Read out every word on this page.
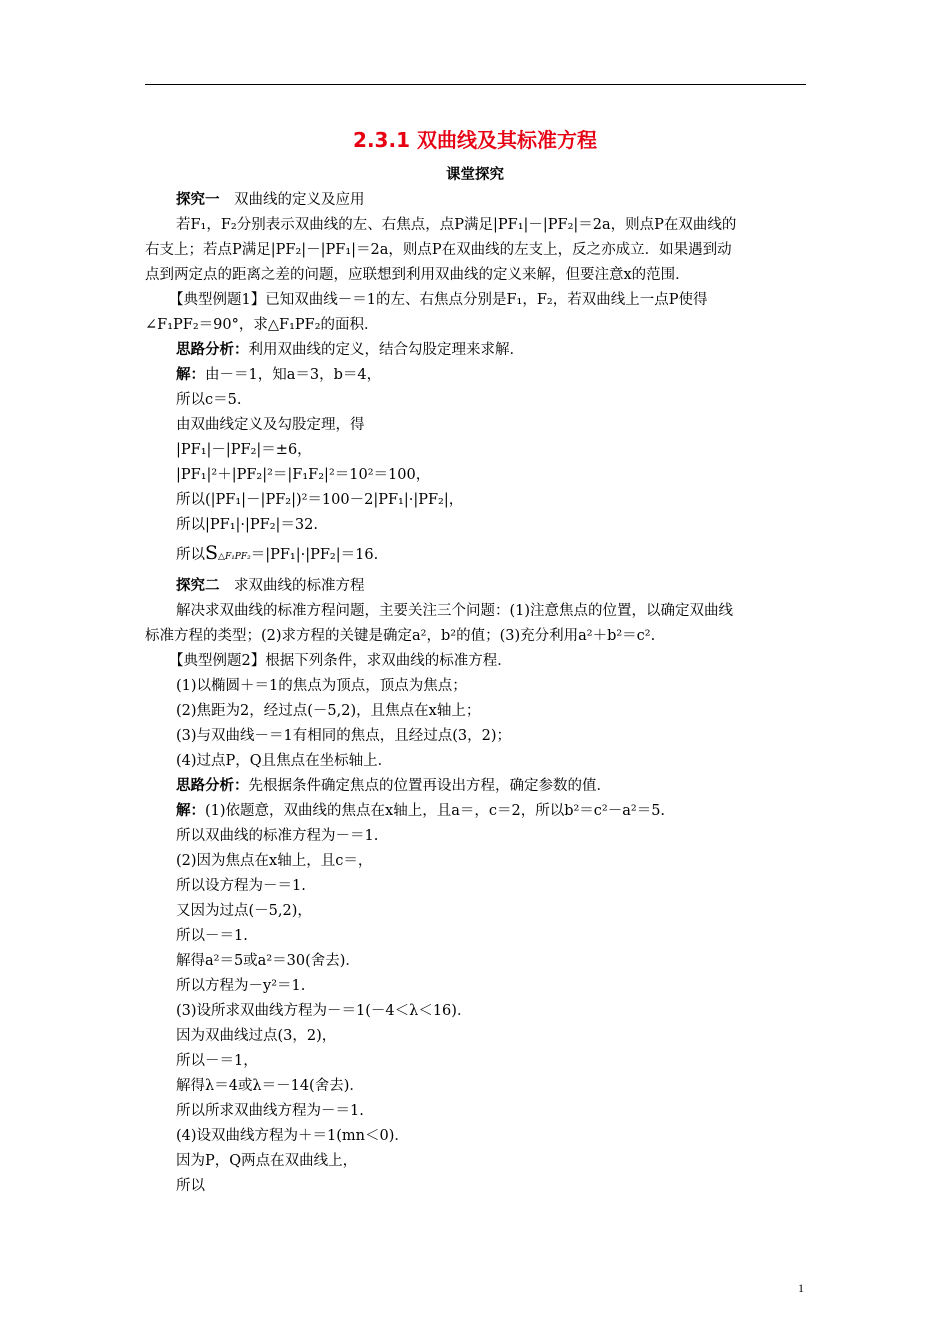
2.3.1 双曲线及其标准方程
课堂探究
探究一　 双曲线的定义及应用
若F₁，F₂分别表示双曲线的左、右焦点，点P满足|PF₁|－|PF₂|＝2a，则点P在双曲线的
右支上；若点P满足|PF₂|－|PF₁|＝2a，则点P在双曲线的左支上，反之亦成立．如果遇到动
点到两定点的距离之差的问题，应联想到利用双曲线的定义来解，但要注意x的范围．
【典型例题1】已知双曲线－＝1的左、右焦点分别是F₁，F₂，若双曲线上一点P使得
∠F₁PF₂＝90°，求△F₁PF₂的面积．
思路分析：利用双曲线的定义，结合勾股定理来求解．
解：由－＝1，知a＝3，b＝4，
所以c＝5.
由双曲线定义及勾股定理，得
|PF₁|－|PF₂|＝±6，
|PF₁|²＋|PF₂|²＝|F₁F₂|²＝10²＝100，
所以(|PF₁|－|PF₂|)²＝100－2|PF₁|·|PF₂|，
所以|PF₁|·|PF₂|＝32.
所以S△F₁PF₂＝|PF₁|·|PF₂|＝16.
探究二　 求双曲线的标准方程
解决求双曲线的标准方程问题，主要关注三个问题：(1)注意焦点的位置，以确定双曲线
标准方程的类型；(2)求方程的关键是确定a²，b²的值；(3)充分利用a²＋b²＝c².
【典型例题2】根据下列条件，求双曲线的标准方程．
(1)以椭圆＋＝1的焦点为顶点，顶点为焦点；
(2)焦距为2，经过点(－5,2)，且焦点在x轴上；
(3)与双曲线－＝1有相同的焦点，且经过点(3，2)；
(4)过点P，Q且焦点在坐标轴上．
思路分析：先根据条件确定焦点的位置再设出方程，确定参数的值．
解：(1)依题意，双曲线的焦点在x轴上，且a＝，c＝2，所以b²＝c²－a²＝5.
所以双曲线的标准方程为－＝1.
(2)因为焦点在x轴上，且c＝，
所以设方程为－＝1.
又因为过点(－5,2)，
所以－＝1.
解得a²＝5或a²＝30(舍去)．
所以方程为－y²＝1.
(3)设所求双曲线方程为－＝1(－4＜λ＜16)．
因为双曲线过点(3，2)，
所以－＝1，
解得λ＝4或λ＝－14(舍去)．
所以所求双曲线方程为－＝1.
(4)设双曲线方程为＋＝1(mn＜0)．
因为P，Q两点在双曲线上，
所以
1
